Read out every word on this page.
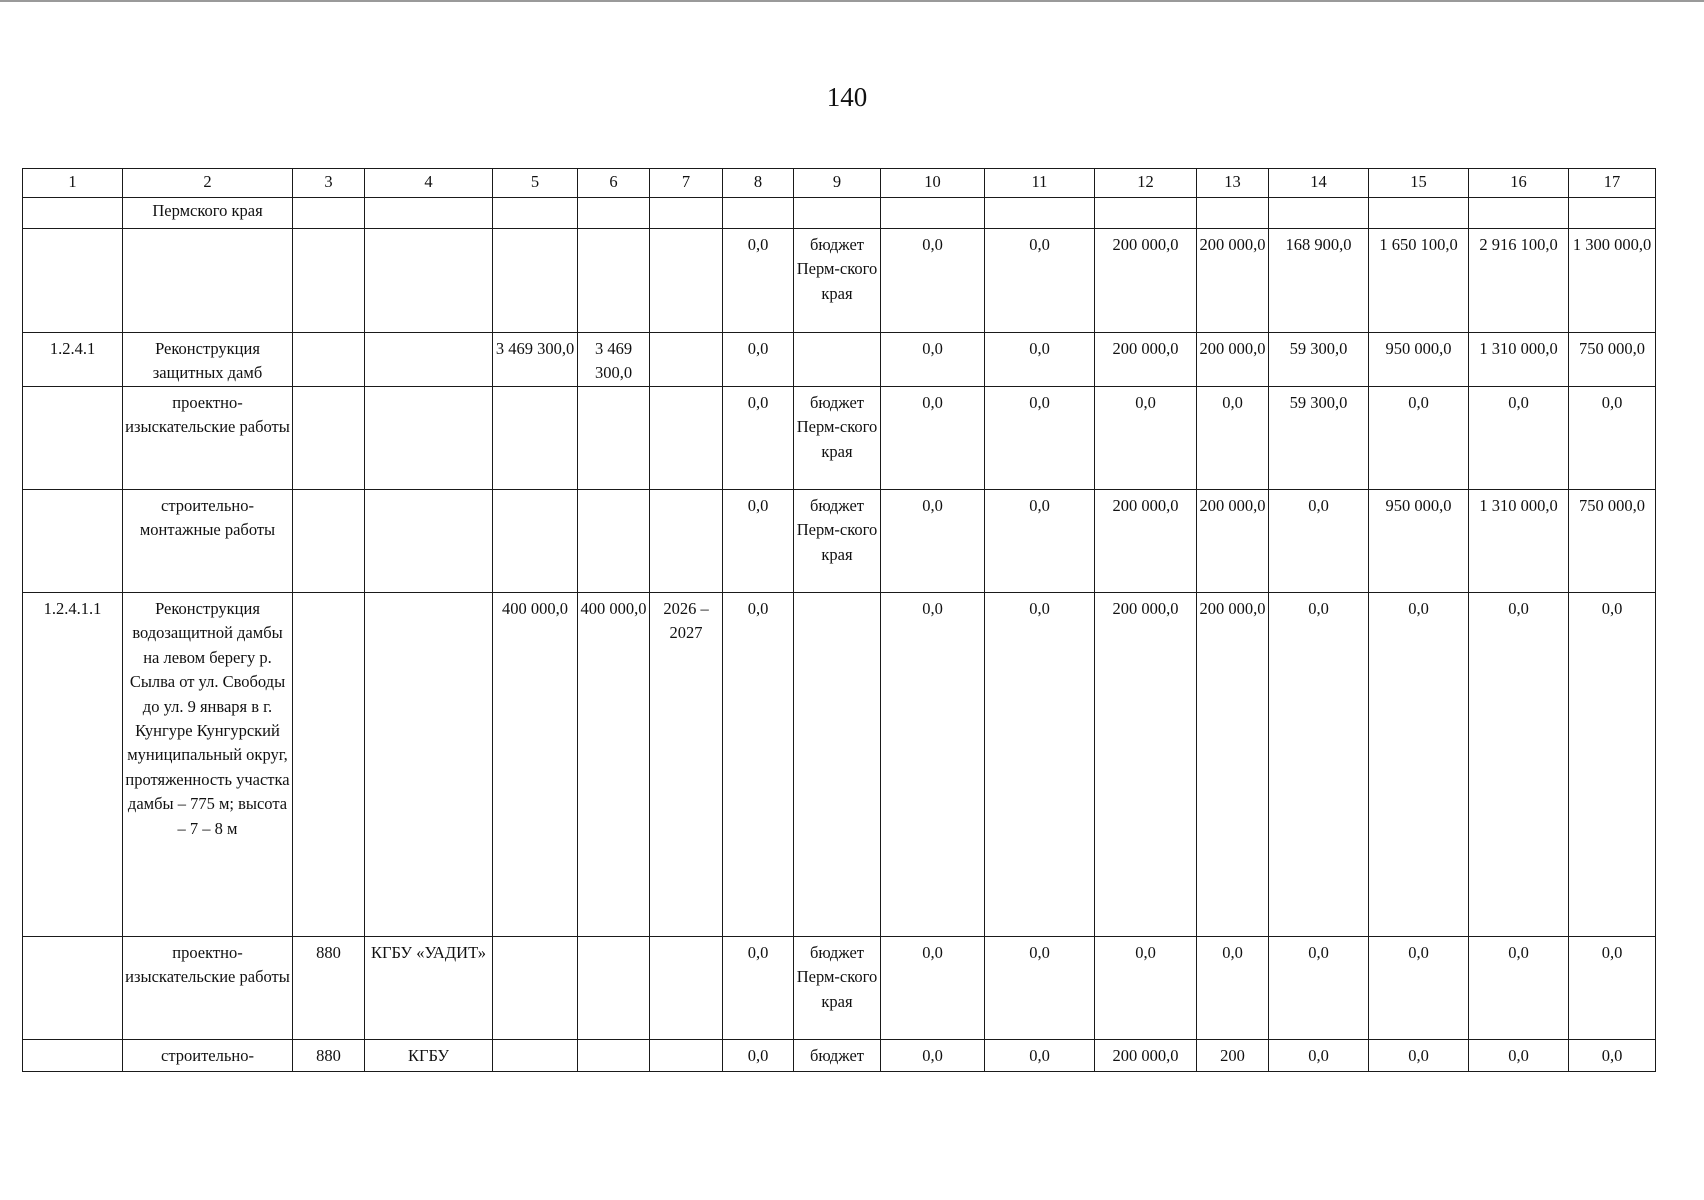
140
1	2	3	4	5	6	7	8	9	10	11	12	13	14	15	16	17
	Пермского края															
							0,0	бюджет Перм-ского края	0,0	0,0	200 000,0	200 000,0	168 900,0	1 650 100,0	2 916 100,0	1 300 000,0
1.2.4.1	Реконструкция защитных дамб			3 469 300,0	3 469 300,0		0,0		0,0	0,0	200 000,0	200 000,0	59 300,0	950 000,0	1 310 000,0	750 000,0
	проектно-изыскательские работы						0,0	бюджет Перм-ского края	0,0	0,0	0,0	0,0	59 300,0	0,0	0,0	0,0
	строительно-монтажные работы						0,0	бюджет Перм-ского края	0,0	0,0	200 000,0	200 000,0	0,0	950 000,0	1 310 000,0	750 000,0
1.2.4.1.1	Реконструкция водозащитной дамбы на левом берегу р. Сылва от ул. Свободы до ул. 9 января в г. Кунгуре Кунгурский муниципальный округ, протяженность участка дамбы – 775 м; высота – 7 – 8 м			400 000,0	400 000,0	2026 – 2027	0,0		0,0	0,0	200 000,0	200 000,0	0,0	0,0	0,0	0,0
	проектно-изыскательские работы	880	КГБУ «УАДИТ»				0,0	бюджет Перм-ского края	0,0	0,0	0,0	0,0	0,0	0,0	0,0	0,0
	строительно-	880	КГБУ				0,0	бюджет	0,0	0,0	200 000,0	200	0,0	0,0	0,0	0,0
